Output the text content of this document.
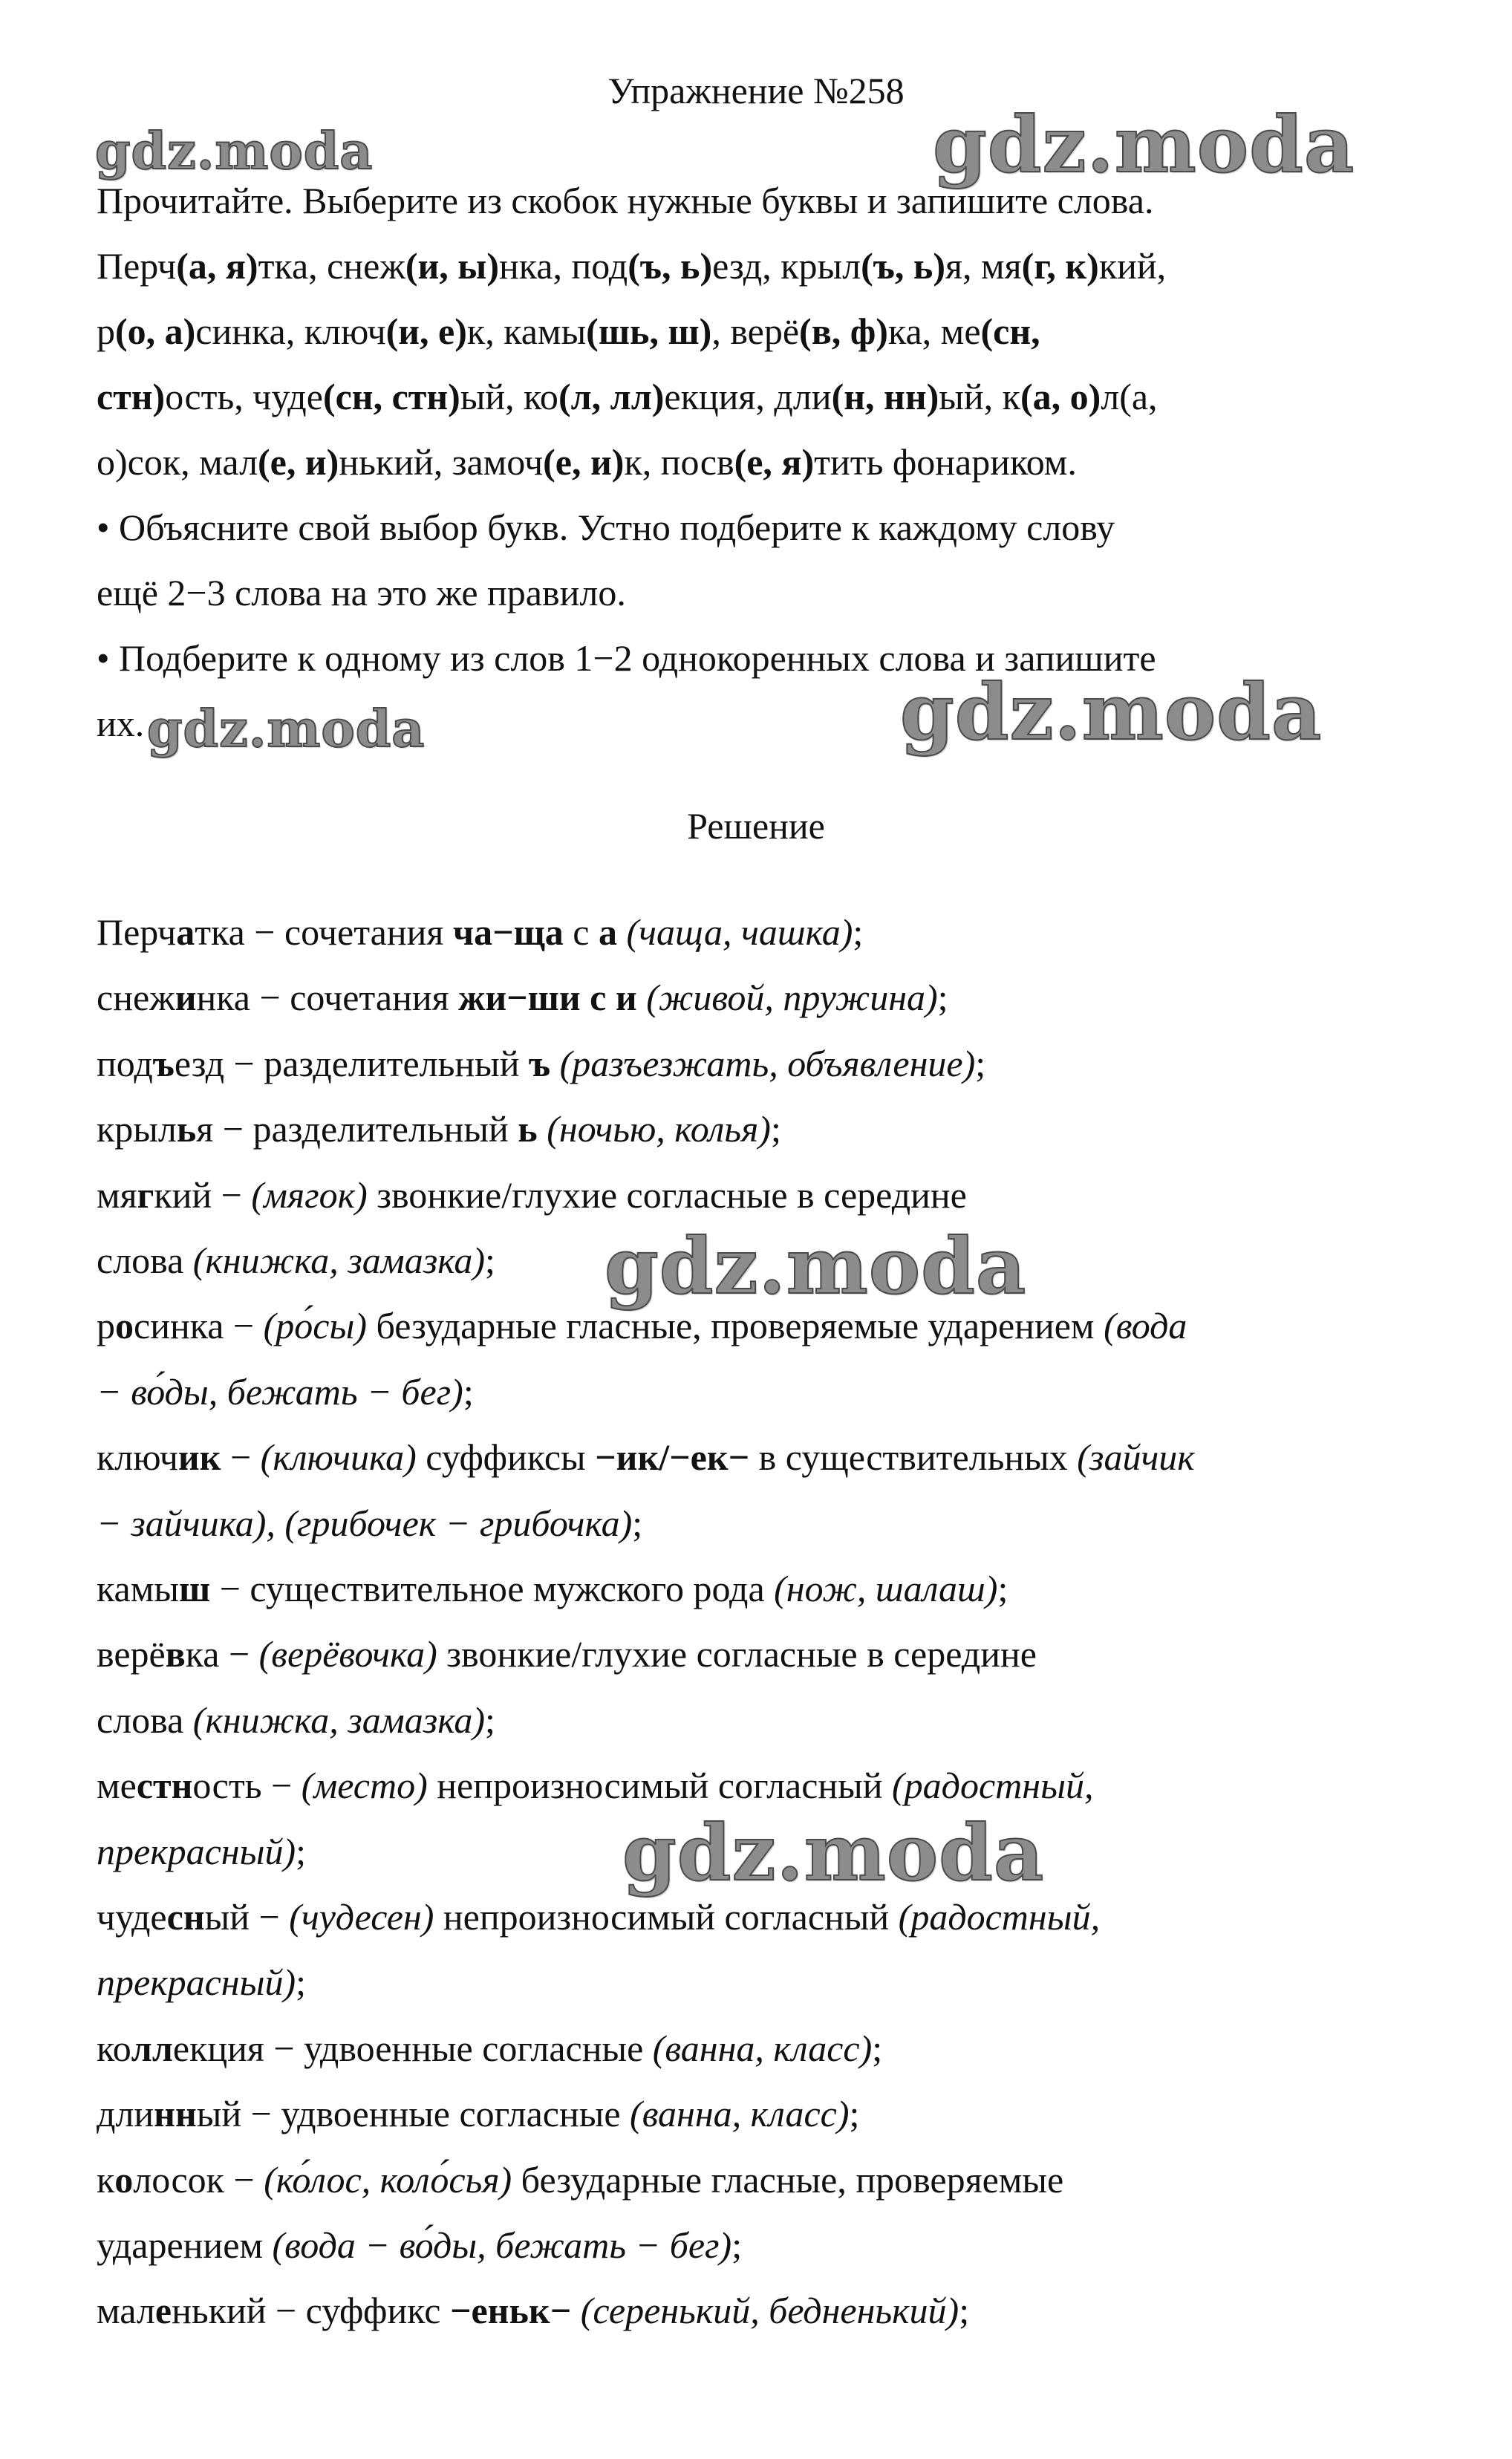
Упражнение №258
Прочитайте. Выберите из скобок нужные буквы и запишите слова.
Перч(а, я)тка, снеж(и, ы)нка, под(ъ, ь)езд, крыл(ъ, ь)я, мя(г, к)кий,
р(о, а)синка, ключ(и, е)к, камы(шь, ш), верё(в, ф)ка, ме(сн,
стн)ость, чуде(сн, стн)ый, ко(л, лл)екция, дли(н, нн)ый, к(а, о)л(а,
о)сок, мал(е, и)нький, замоч(е, и)к, посв(е, я)тить фонариком.
• Объясните свой выбор букв. Устно подберите к каждому слову
ещё 2−3 слова на это же правило.
• Подберите к одному из слов 1−2 однокоренных слова и запишите
их.
Решение
Перчатка − сочетания ча−ща с а (чаща, чашка);
снежинка − сочетания жи−ши с и (живой, пружина);
подъезд − разделительный ъ (разъезжать, объявление);
крылья − разделительный ь (ночью, колья);
мягкий − (мягок) звонкие/глухие согласные в середине
слова (книжка, замазка);
росинка − (ро́сы) безударные гласные, проверяемые ударением (вода
− во́ды, бежать − бег);
ключик − (ключика) суффиксы −ик/−ек− в существительных (зайчик
− зайчика), (грибочек − грибочка);
камыш − существительное мужского рода (нож, шалаш);
верёвка − (верёвочка) звонкие/глухие согласные в середине
слова (книжка, замазка);
местность − (место) непроизносимый согласный (радостный,
прекрасный);
чудесный − (чудесен) непроизносимый согласный (радостный,
прекрасный);
коллекция − удвоенные согласные (ванна, класс);
длинный − удвоенные согласные (ванна, класс);
колосок − (ко́лос, коло́сья) безударные гласные, проверяемые
ударением (вода − во́ды, бежать − бег);
маленький − суффикс −еньк− (серенький, бедненький);
gdz.moda	gdz.moda
gdz.moda	gdz.moda
gdz.moda
gdz.moda
